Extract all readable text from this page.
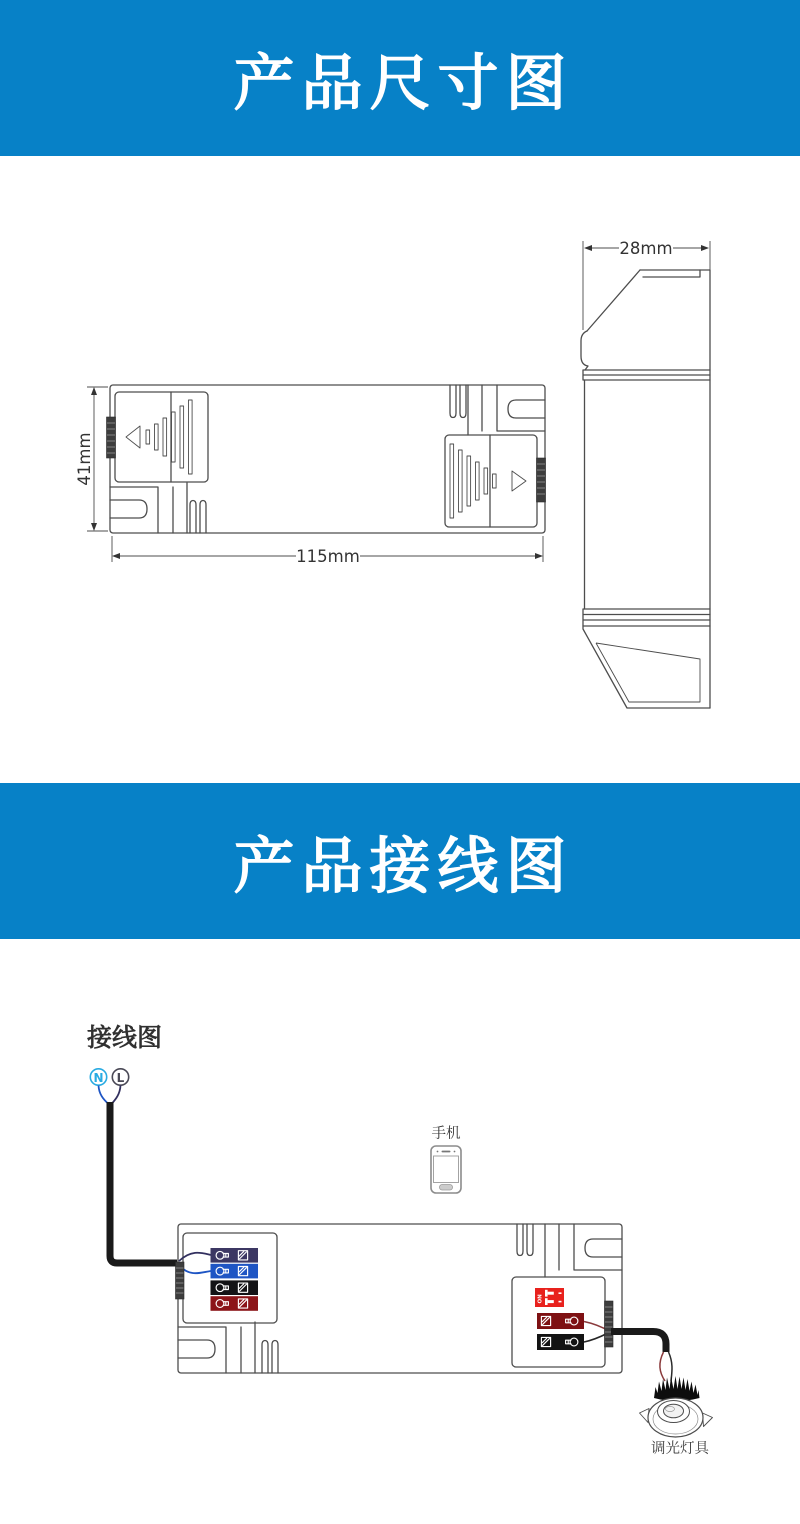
产品尺寸图
41mm
115mm
28mm
产品接线图
接线图
N L
ON
调光灯具
手机
